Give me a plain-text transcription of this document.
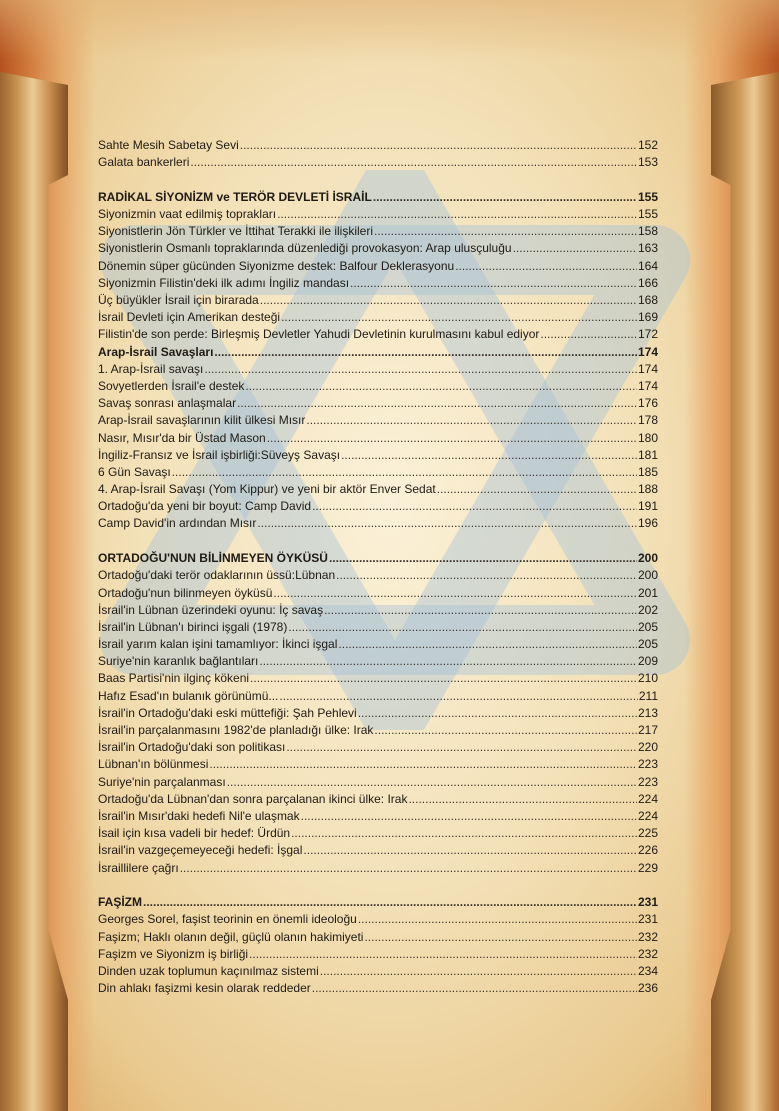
Sahte Mesih Sabetay Sevi .....	152
Galata bankerleri .....	153
RADİKAL SİYONİZM ve TERÖR DEVLETİ İSRAİL .....	155
Siyonizmin vaat edilmiş toprakları .....	155
Siyonistlerin Jön Türkler ve İttihat Terakki ile ilişkileri .....	158
Siyonistlerin Osmanlı topraklarında düzenlediği provokasyon: Arap ulusçuluğu .....	163
Dönemin süper gücünden Siyonizme destek: Balfour Deklerasyonu .....	164
Siyonizmin Filistin'deki ilk adımı İngiliz mandası .....	166
Üç büyükler İsrail için birarada .....	168
İsrail Devleti için Amerikan desteği .....	169
Filistin'de son perde: Birleşmiş Devletler Yahudi Devletinin kurulmasını kabul ediyor .....	172
Arap-İsrail Savaşları .....	174
1. Arap-İsrail savaşı .....	174
Sovyetlerden İsrail'e destek .....	174
Savaş sonrası anlaşmalar .....	176
Arap-İsrail savaşlarının kilit ülkesi Mısır .....	178
Nasır, Mısır'da bir Üstad Mason .....	180
İngiliz-Fransız ve İsrail işbirliği:Süveyş Savaşı .....	181
6 Gün Savaşı .....	185
4. Arap-İsrail Savaşı (Yom Kippur) ve yeni bir aktör Enver Sedat .....	188
Ortadoğu'da yeni bir boyut: Camp David .....	191
Camp David'in ardından Mısır .....	196
ORTADOĞU'NUN BİLİNMEYEN ÖYKÜSÜ .....	200
Ortadoğu'daki terör odaklarının üssü:Lübnan .....	200
Ortadoğu'nun bilinmeyen öyküsü .....	201
İsrail'in Lübnan üzerindeki oyunu: İç savaş .....	202
İsrail'in Lübnan'ı birinci işgali (1978) .....	205
İsrail yarım kalan işini tamamlıyor: İkinci işgal .....	205
Suriye'nin karanlık bağlantıları .....	209
Baas Partisi'nin ilginç kökeni .....	210
Hafız Esad'ın bulanık görünümü... .....	211
İsrail'in Ortadoğu'daki eski müttefiği: Şah Pehlevi .....	213
İsrail'in parçalanmasını 1982'de planladığı ülke: Irak .....	217
İsrail'in Ortadoğu'daki son politikası .....	220
Lübnan'ın bölünmesi .....	223
Suriye'nin parçalanması .....	223
Ortadoğu'da Lübnan'dan sonra parçalanan ikinci ülke: Irak .....	224
İsrail'in Mısır'daki hedefi Nil'e ulaşmak .....	224
İsail için kısa vadeli bir hedef: Ürdün .....	225
İsrail'in vazgeçemeyeceği hedefi: İşgal .....	226
İsraillilere çağrı .....	229
FAŞİZM .....	231
Georges Sorel, faşist teorinin en önemli ideoloğu .....	231
Faşizm; Haklı olanın değil, güçlü olanın hakimiyeti .....	232
Faşizm ve Siyonizm iş birliği .....	232
Dinden uzak toplumun kaçınılmaz sistemi .....	234
Din ahlakı faşizmi kesin olarak reddeder .....	236
